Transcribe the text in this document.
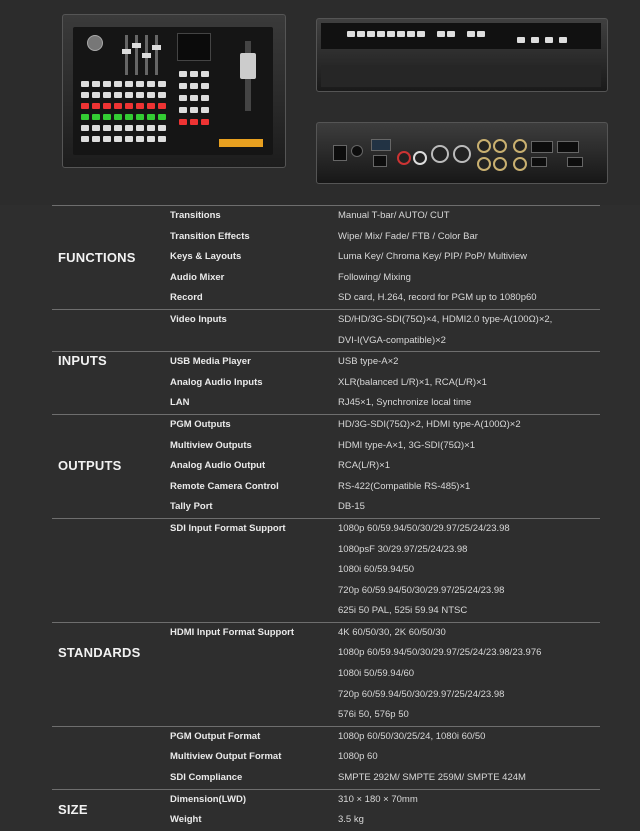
FUNCTIONS
Transitions	Manual T-bar/ AUTO/ CUT
Transition Effects	Wipe/ Mix/ Fade/ FTB / Color Bar
Keys & Layouts	Luma Key/ Chroma Key/ PIP/ PoP/ Multiview
Audio Mixer	Following/ Mixing
Record	SD card, H.264, record for PGM up to 1080p60
INPUTS
Video Inputs	SD/HD/3G-SDI(75Ω)×4, HDMI2.0 type-A(100Ω)×2,
DVI-I(VGA-compatible)×2
USB Media Player	USB type-A×2
Analog Audio Inputs	XLR(balanced L/R)×1, RCA(L/R)×1
LAN	RJ45×1, Synchronize local time
OUTPUTS
PGM Outputs	HD/3G-SDI(75Ω)×2, HDMI type-A(100Ω)×2
Multiview Outputs	HDMI type-A×1, 3G-SDI(75Ω)×1
Analog Audio Output	RCA(L/R)×1
Remote Camera Control	RS-422(Compatible RS-485)×1
Tally Port	DB-15
STANDARDS
SDI Input Format Support	1080p 60/59.94/50/30/29.97/25/24/23.98
1080psF 30/29.97/25/24/23.98
1080i 60/59.94/50
720p 60/59.94/50/30/29.97/25/24/23.98
625i 50 PAL, 525i 59.94 NTSC
HDMI Input Format Support	4K 60/50/30, 2K 60/50/30
1080p 60/59.94/50/30/29.97/25/24/23.98/23.976
1080i 50/59.94/60
720p 60/59.94/50/30/29.97/25/24/23.98
576i 50, 576p 50
PGM Output Format	1080p 60/50/30/25/24, 1080i 60/50
Multiview Output Format	1080p 60
SDI Compliance	SMPTE 292M/ SMPTE 259M/ SMPTE 424M
SIZE
Dimension(LWD)	310 × 180 × 70mm
Weight	3.5 kg
